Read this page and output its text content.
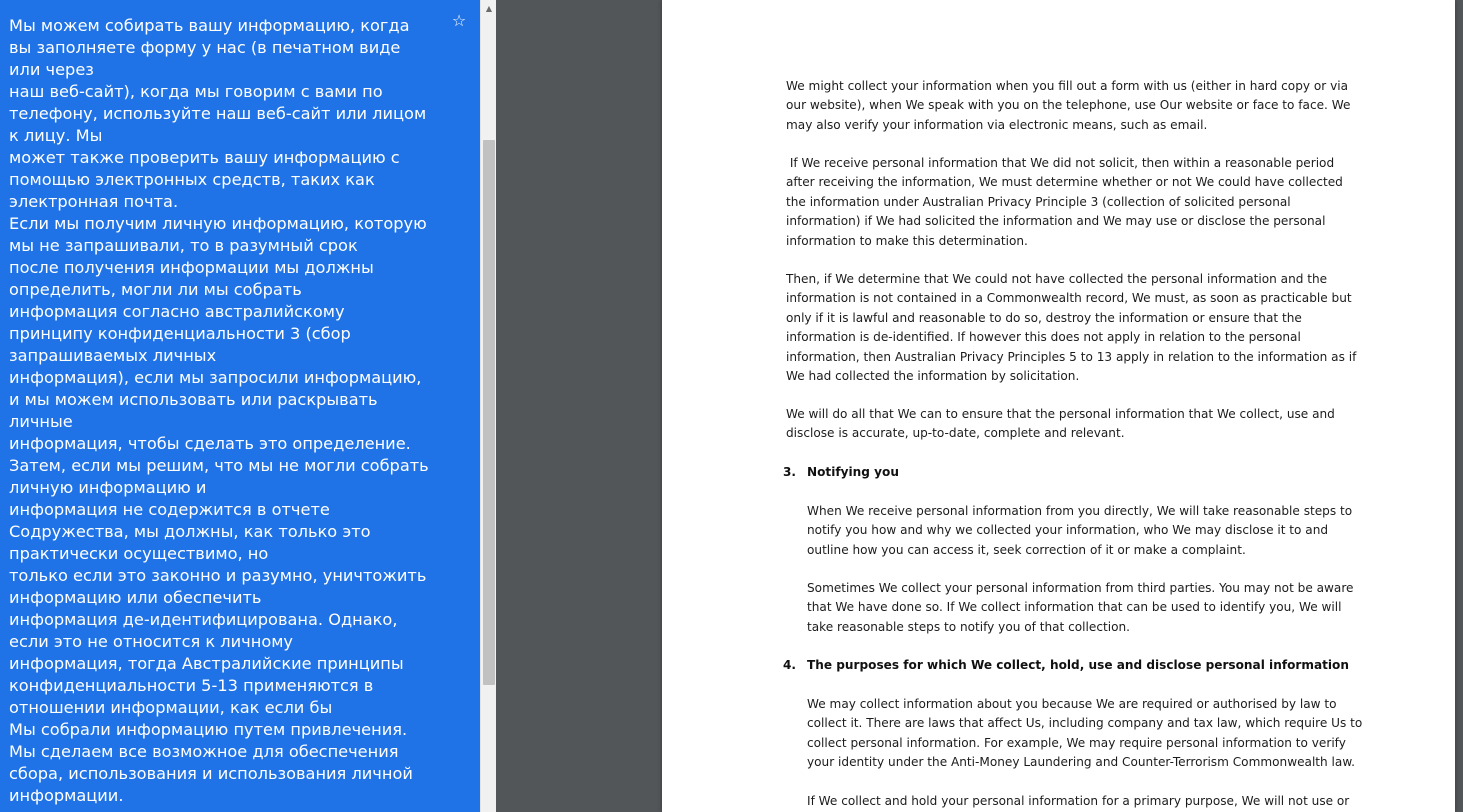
Мы можем собирать вашу информацию, когда
вы заполняете форму у нас (в печатном виде
или через
наш веб-сайт), когда мы говорим с вами по
телефону, используйте наш веб-сайт или лицом
к лицу. Мы
может также проверить вашу информацию с
помощью электронных средств, таких как
электронная почта.
Если мы получим личную информацию, которую
мы не запрашивали, то в разумный срок
после получения информации мы должны
определить, могли ли мы собрать
информация согласно австралийскому
принципу конфиденциальности 3 (сбор
запрашиваемых личных
информация), если мы запросили информацию,
и мы можем использовать или раскрывать
личные
информация, чтобы сделать это определение.
Затем, если мы решим, что мы не могли собрать
личную информацию и
информация не содержится в отчете
Содружества, мы должны, как только это
практически осуществимо, но
только если это законно и разумно, уничтожить
информацию или обеспечить
информация де-идентифицирована. Однако,
если это не относится к личному
информация, тогда Австралийские принципы
конфиденциальности 5-13 применяются в
отношении информации, как если бы
Мы собрали информацию путем привлечения.
Мы сделаем все возможное для обеспечения
сбора, использования и использования личной
информации.

☆
▲

We might collect your information when you fill out a form with us (either in hard copy or via
our website), when We speak with you on the telephone, use Our website or face to face. We
may also verify your information via electronic means, such as email.

If We receive personal information that We did not solicit, then within a reasonable period
after receiving the information, We must determine whether or not We could have collected
the information under Australian Privacy Principle 3 (collection of solicited personal
information) if We had solicited the information and We may use or disclose the personal
information to make this determination.

Then, if We determine that We could not have collected the personal information and the
information is not contained in a Commonwealth record, We must, as soon as practicable but
only if it is lawful and reasonable to do so, destroy the information or ensure that the
information is de-identified. If however this does not apply in relation to the personal
information, then Australian Privacy Principles 5 to 13 apply in relation to the information as if
We had collected the information by solicitation.

We will do all that We can to ensure that the personal information that We collect, use and
disclose is accurate, up-to-date, complete and relevant.

3. Notifying you

When We receive personal information from you directly, We will take reasonable steps to
notify you how and why we collected your information, who We may disclose it to and
outline how you can access it, seek correction of it or make a complaint.

Sometimes We collect your personal information from third parties. You may not be aware
that We have done so. If We collect information that can be used to identify you, We will
take reasonable steps to notify you of that collection.

4. The purposes for which We collect, hold, use and disclose personal information

We may collect information about you because We are required or authorised by law to
collect it. There are laws that affect Us, including company and tax law, which require Us to
collect personal information. For example, We may require personal information to verify
your identity under the Anti-Money Laundering and Counter-Terrorism Commonwealth law.

If We collect and hold your personal information for a primary purpose, We will not use or
